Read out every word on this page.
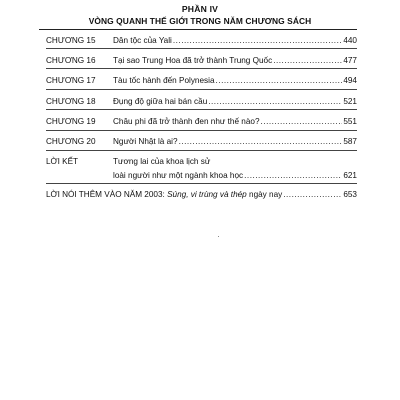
PHẦN IV
VÒNG QUANH THẾ GIỚI TRONG NĂM CHƯƠNG SÁCH
CHƯƠNG 15 Dân tộc của Yali .....	440
CHƯƠNG 16 Tại sao Trung Hoa đã trở thành Trung Quốc .....	477
CHƯƠNG 17 Tàu tốc hành đến Polynesia .....	494
CHƯƠNG 18 Đụng độ giữa hai bán cầu .....	521
CHƯƠNG 19 Châu phi đã trở thành đen như thế nào? .....	551
CHƯƠNG 20 Người Nhật là ai? .....	587
LỜI KẾT	Tương lai của khoa lịch sử
loài người như một ngành khoa học .....	621
LỜI NÓI THÊM VÀO NĂM 2003: Súng, vi trùng và thép ngày nay .....	653
